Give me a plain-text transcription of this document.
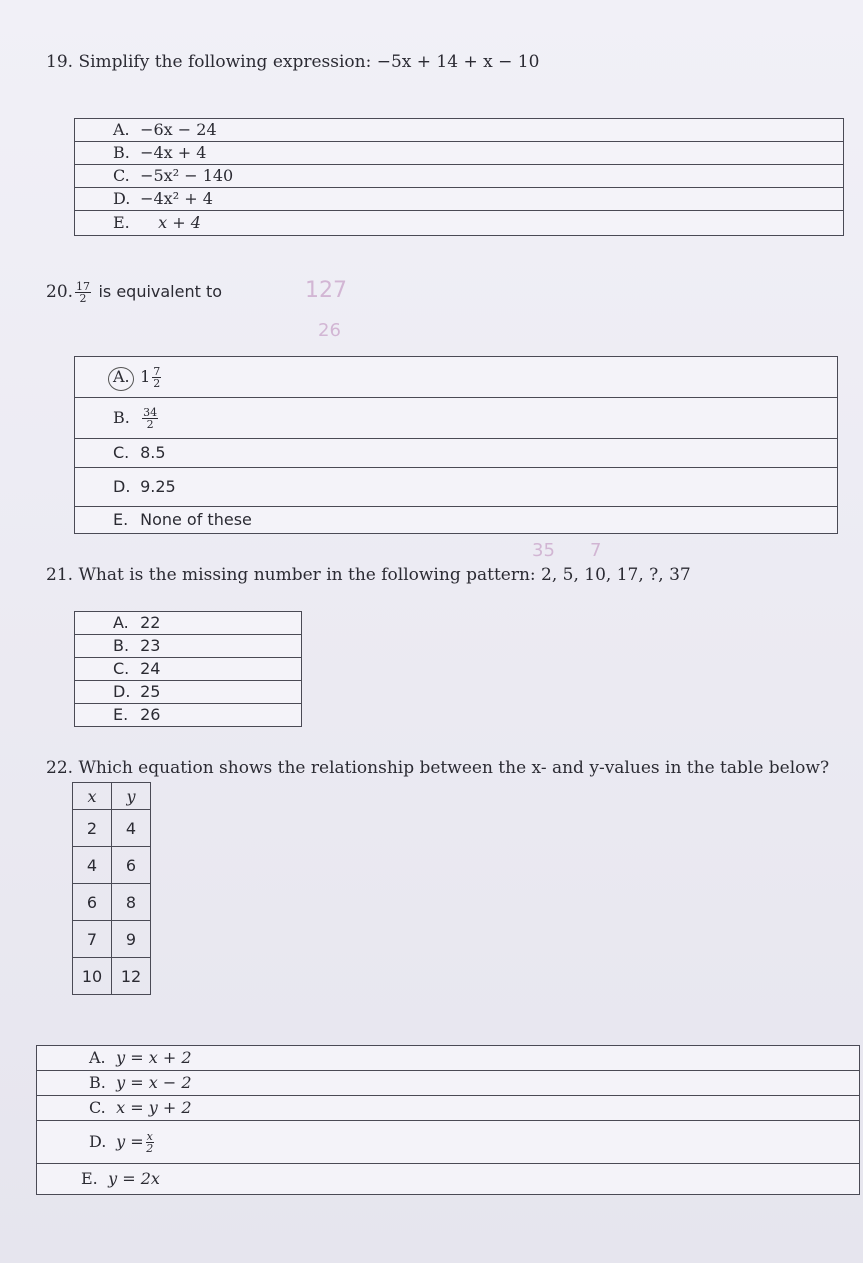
19. Simplify the following expression: −5x + 14 + x − 10
A. −6x − 24
B. −4x + 4
C. −5x² − 140
D. −4x² + 4
E. x + 4
20. $\frac{17}{2}$ is equivalent to
A. $1 \frac{7}{2}$

B. $\frac{34}{2}$

C. 8.5
D. 9.25
E. None of these
21. What is the missing number in the following pattern: 2, 5, 10, 17, ?, 37
A. 22
B. 23
C. 24
D. 25
E. 26
22. Which equation shows the relationship between the x- and y-values in the table below?
x	y
2	4
4	6
6	8
7	9
10	12
A. y = x + 2
B. y = x − 2
C. x = y + 2
D. $y = \frac{x}{2}$

E. y = 2x
127
26
35 7
